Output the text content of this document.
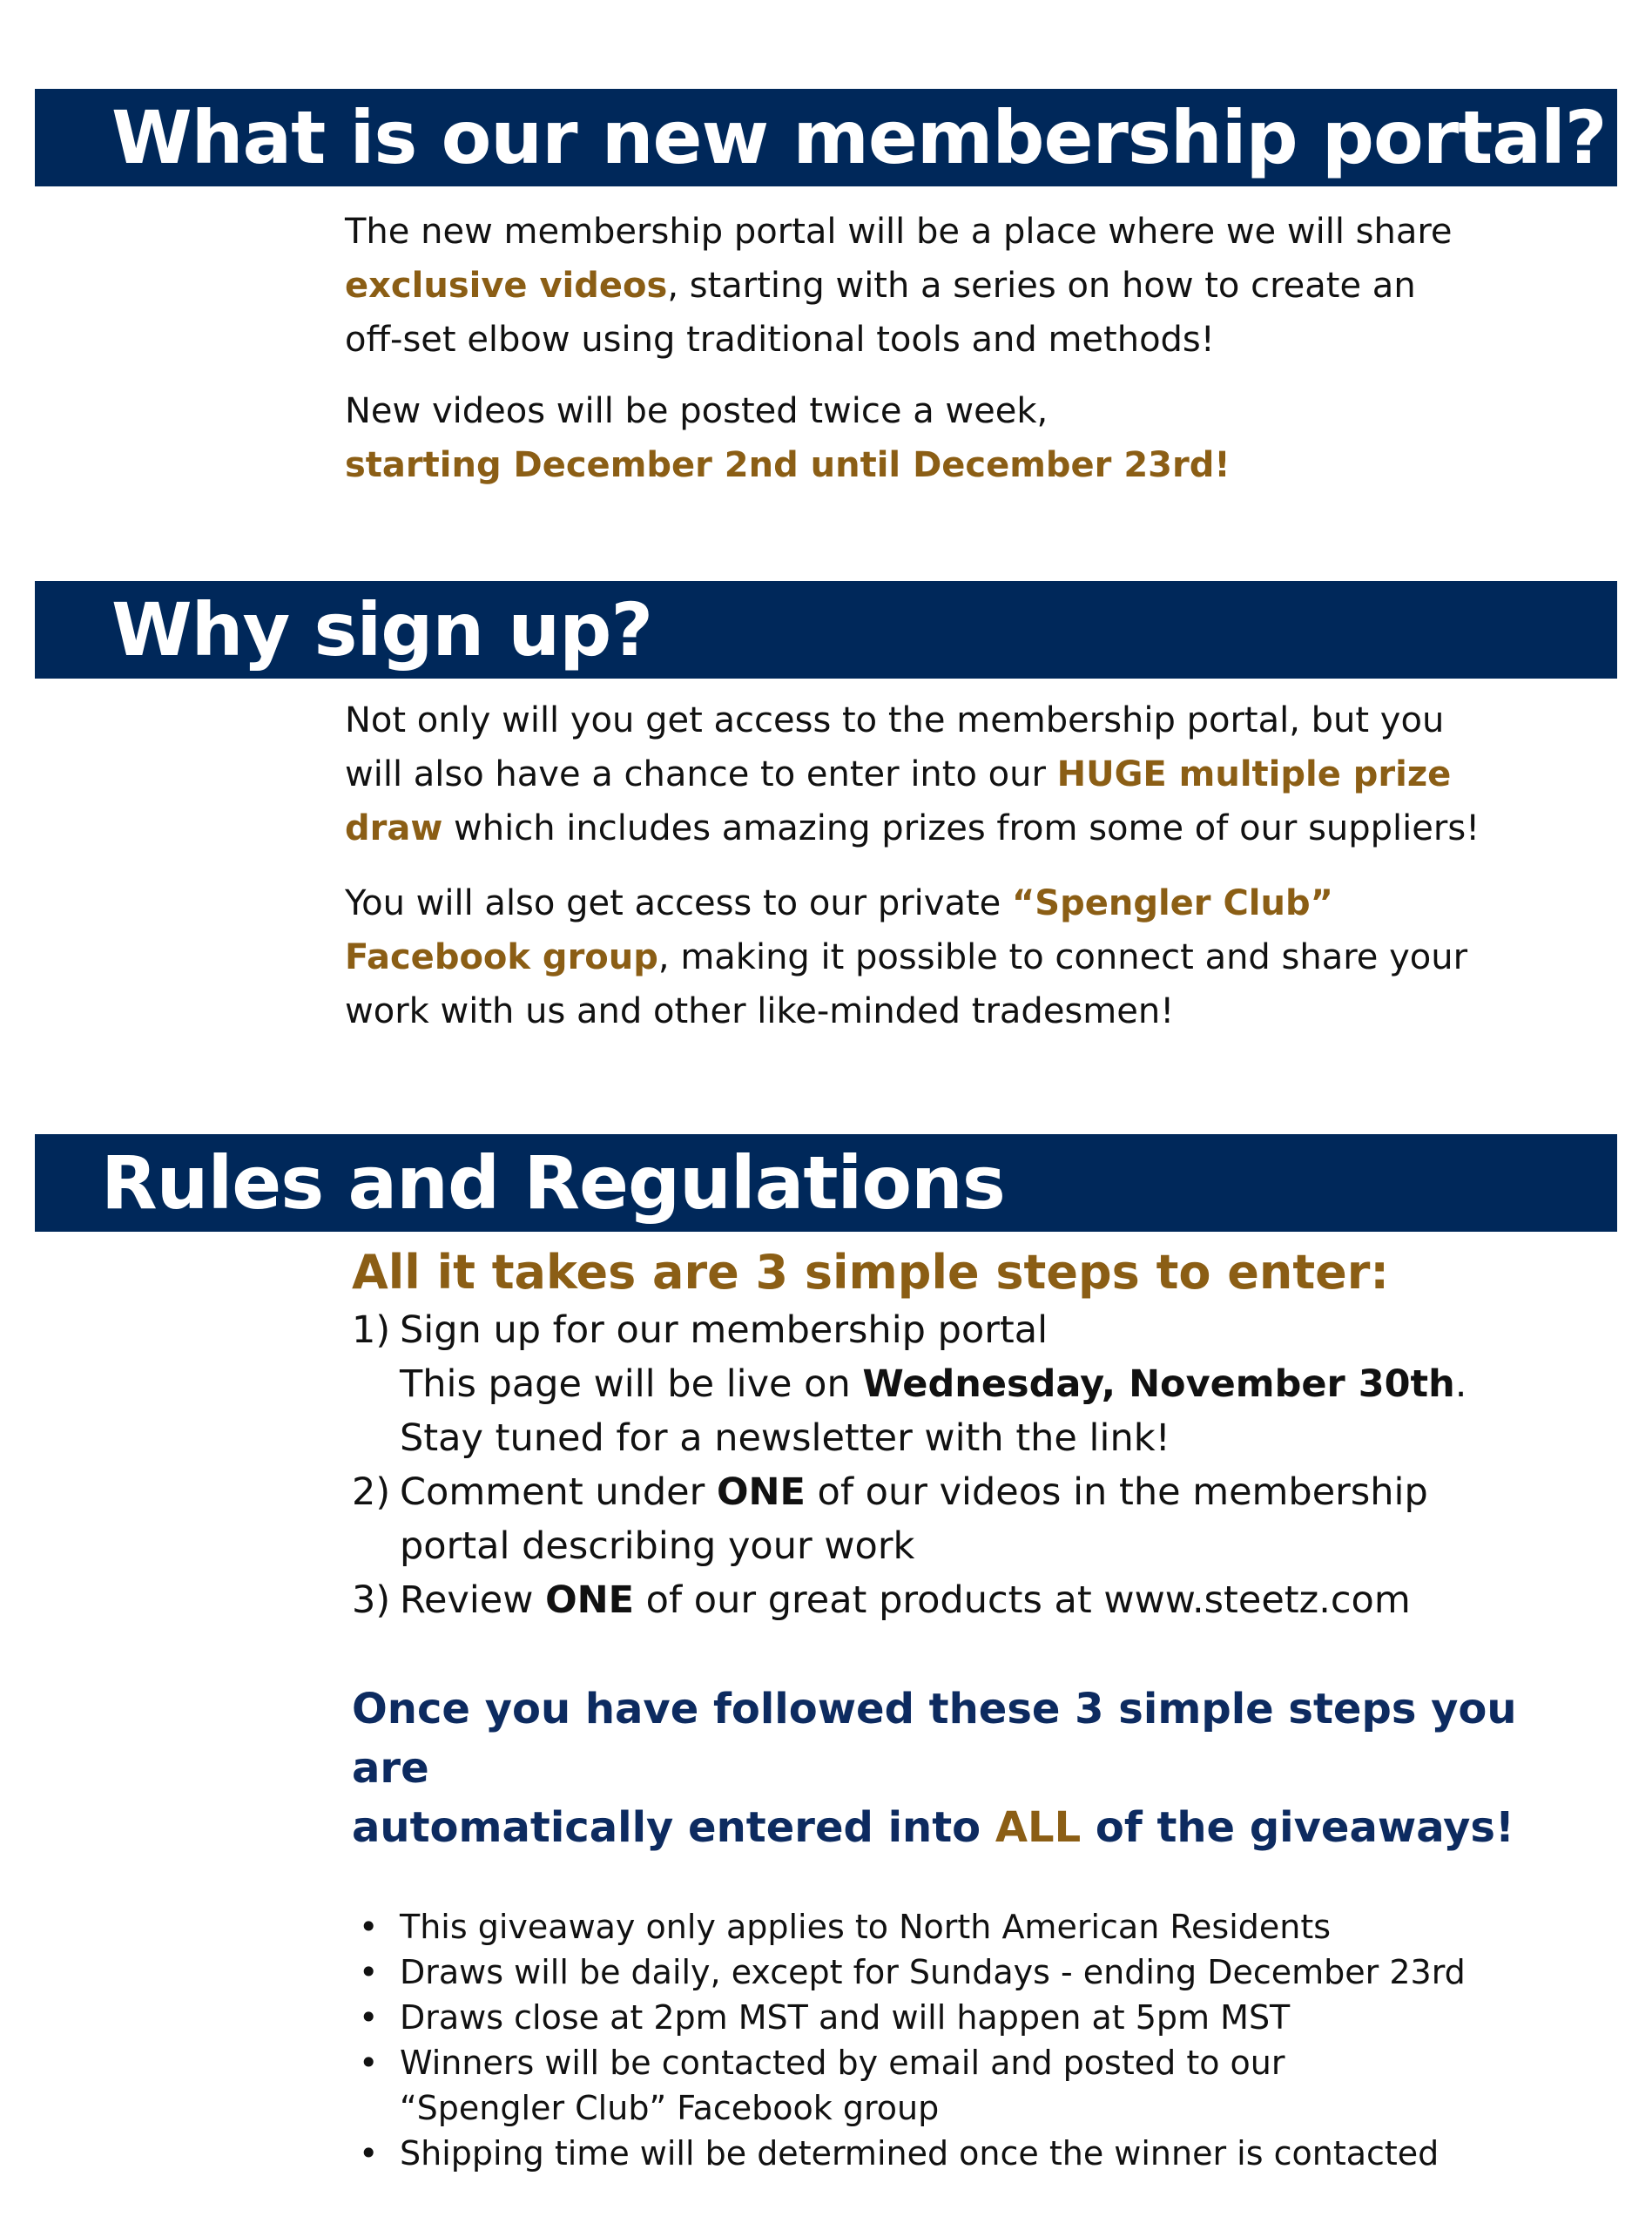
What is our new membership portal?

The new membership portal will be a place where we will share
exclusive videos, starting with a series on how to create an
off-set elbow using traditional tools and methods!

New videos will be posted twice a week,
starting December 2nd until December 23rd!

Why sign up?

Not only will you get access to the membership portal, but you
will also have a chance to enter into our HUGE multiple prize
draw which includes amazing prizes from some of our suppliers!

You will also get access to our private “Spengler Club”
Facebook group, making it possible to connect and share your
work with us and other like-minded tradesmen!

Rules and Regulations

All it takes are 3 simple steps to enter:

1) Sign up for our membership portal
This page will be live on Wednesday, November 30th.
Stay tuned for a newsletter with the link!
2) Comment under ONE of our videos in the membership
portal describing your work
3) Review ONE of our great products at www.steetz.com

Once you have followed these 3 simple steps you are
automatically entered into ALL of the giveaways!

• This giveaway only applies to North American Residents
• Draws will be daily, except for Sundays - ending December 23rd
• Draws close at 2pm MST and will happen at 5pm MST
• Winners will be contacted by email and posted to our “Spengler Club” Facebook group
• Shipping time will be determined once the winner is contacted
